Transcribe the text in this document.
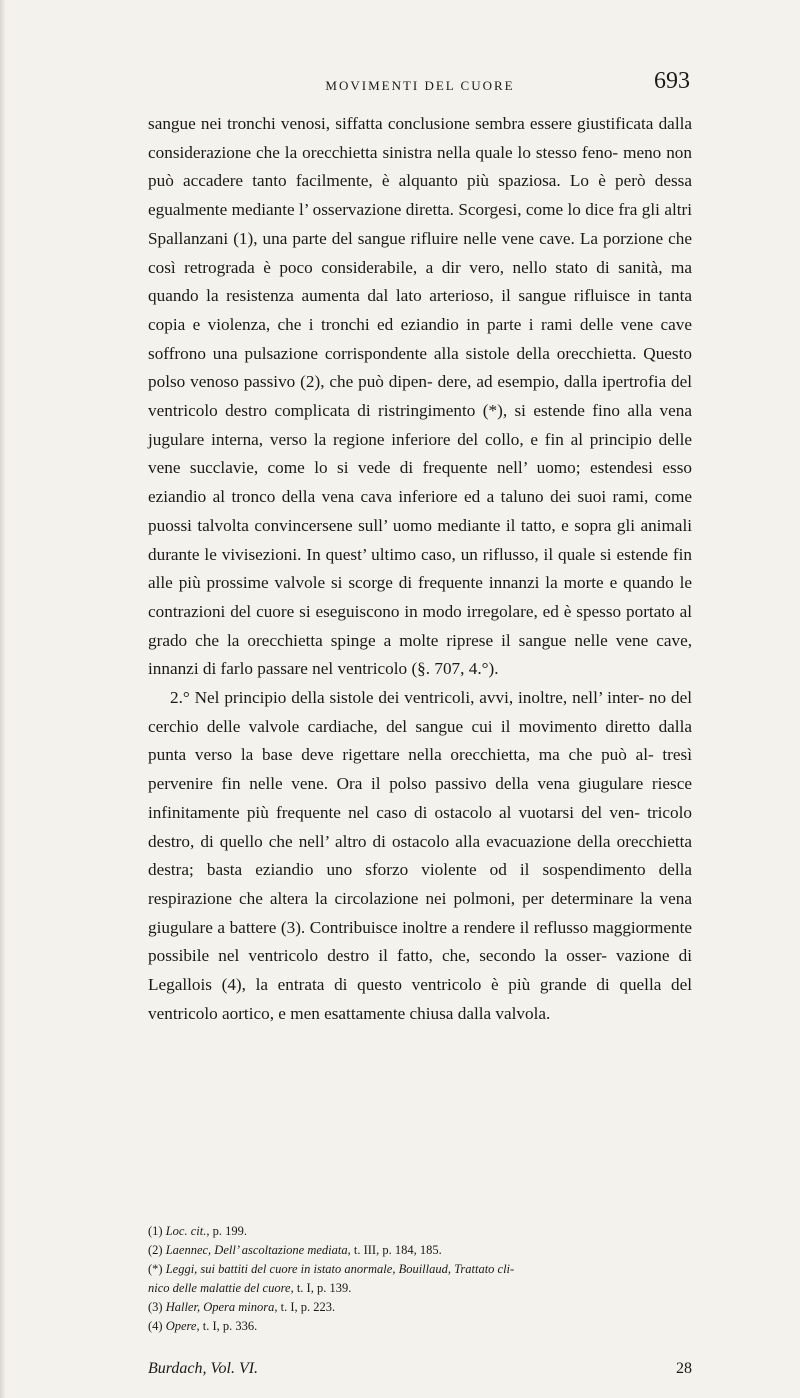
MOVIMENTI DEL CUORE	693

sangue nei tronchi venosi, siffatta conclusione sembra essere giustificata dalla considerazione che la orecchietta sinistra nella quale lo stesso feno- meno non può accadere tanto facilmente, è alquanto più spaziosa. Lo è però dessa egualmente mediante l’ osservazione diretta. Scorgesi, come lo dice fra gli altri Spallanzani (1), una parte del sangue rifluire nelle vene cave. La porzione che così retrograda è poco considerabile, a dir vero, nello stato di sanità, ma quando la resistenza aumenta dal lato arterioso, il sangue rifluisce in tanta copia e violenza, che i tronchi ed eziandio in parte i rami delle vene cave soffrono una pulsazione corrispondente alla sistole della orecchietta. Questo polso venoso passivo (2), che può dipen- dere, ad esempio, dalla ipertrofia del ventricolo destro complicata di ristringimento (*), si estende fino alla vena jugulare interna, verso la regione inferiore del collo, e fin al principio delle vene succlavie, come lo si vede di frequente nell’ uomo; estendesi esso eziandio al tronco della vena cava inferiore ed a taluno dei suoi rami, come puossi talvolta convincersene sull’ uomo mediante il tatto, e sopra gli animali durante le vivisezioni. In quest’ ultimo caso, un riflusso, il quale si estende fin alle più prossime valvole si scorge di frequente innanzi la morte e quando le contrazioni del cuore si eseguiscono in modo irregolare, ed è spesso portato al grado che la orecchietta spinge a molte riprese il sangue nelle vene cave, innanzi di farlo passare nel ventricolo (§. 707, 4.°).

2.° Nel principio della sistole dei ventricoli, avvi, inoltre, nell’ inter- no del cerchio delle valvole cardiache, del sangue cui il movimento diretto dalla punta verso la base deve rigettare nella orecchietta, ma che può al- tresì pervenire fin nelle vene. Ora il polso passivo della vena giugulare riesce infinitamente più frequente nel caso di ostacolo al vuotarsi del ven- tricolo destro, di quello che nell’ altro di ostacolo alla evacuazione della orecchietta destra; basta eziandio uno sforzo violente od il sospendimento della respirazione che altera la circolazione nei polmoni, per determinare la vena giugulare a battere (3). Contribuisce inoltre a rendere il reflusso maggiormente possibile nel ventricolo destro il fatto, che, secondo la osser- vazione di Legallois (4), la entrata di questo ventricolo è più grande di quella del ventricolo aortico, e men esattamente chiusa dalla valvola.

(1) Loc. cit., p. 199.

(2) Laennec, Dell’ ascoltazione mediata, t. III, p. 184, 185.

(*) Leggi, sui battiti del cuore in istato anormale, Bouillaud, Trattato cli-

nico delle malattie del cuore, t. I, p. 139.

(3) Haller, Opera minora, t. I, p. 223.

(4) Opere, t. I, p. 336.

Burdach, Vol. VI.	28
